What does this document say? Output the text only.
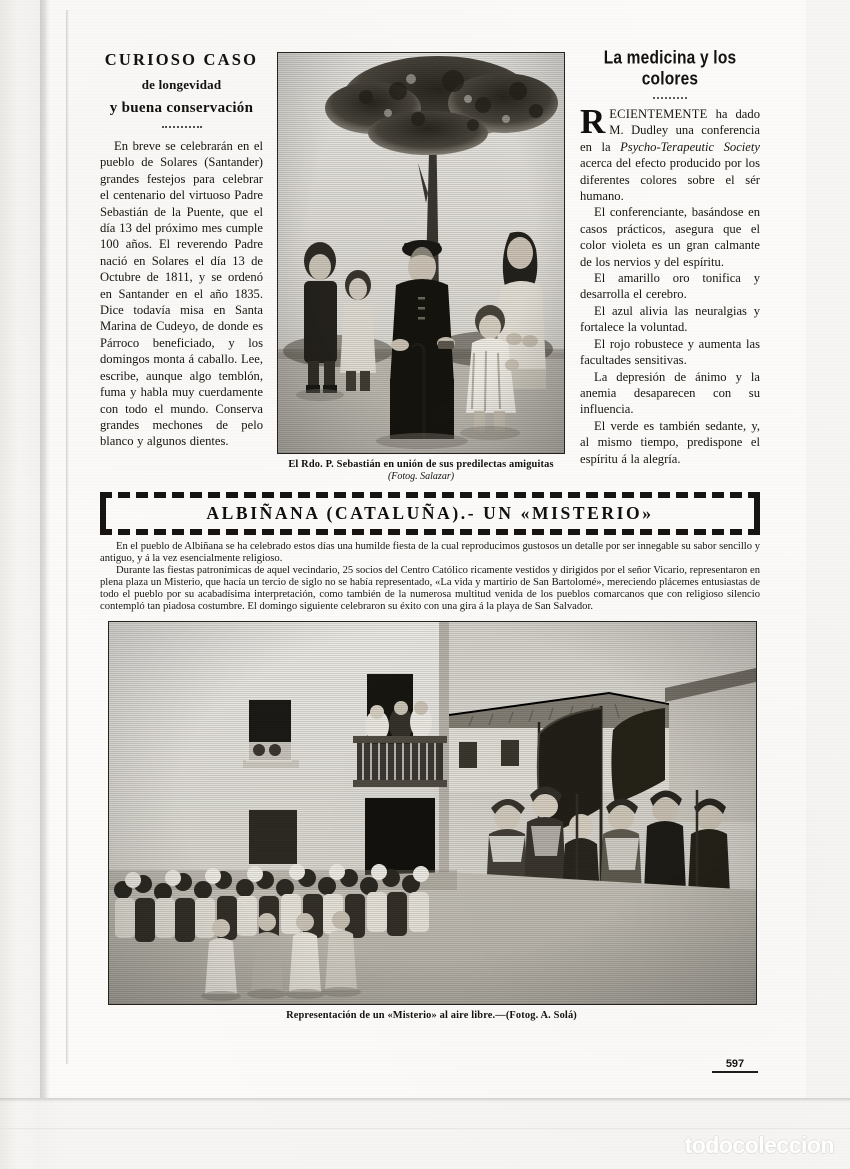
CURIOSO CASO
de longevidad
y buena conservación

En breve se celebrarán en el pueblo de Solares (Santander) grandes festejos para celebrar el centenario del virtuoso Padre Sebastián de la Puente, que el día 13 del próximo mes cumple 100 años. El reverendo Padre nació en Solares el día 13 de Octubre de 1811, y se ordenó en Santander en el año 1835. Dice todavía misa en Santa Marina de Cudeyo, de donde es Párroco beneficiado, y los domingos monta á caballo. Lee, escribe, aunque algo temblón, fuma y habla muy cuerdamente con todo el mundo. Conserva grandes mechones de pelo blanco y algunos dientes.

El Rdo. P. Sebastián en unión de sus predilectas amiguitas
(Fotog. Salazar)
La medicina y los colores

RECIENTEMENTE ha dado M. Dudley una conferencia en la Psycho-Terapeutic Society acerca del efecto producido por los diferentes colores sobre el sér humano.

El conferenciante, basándose en casos prácticos, asegura que el color violeta es un gran calmante de los nervios y del espíritu.

El amarillo oro tonifica y desarrolla el cerebro.

El azul alivia las neuralgias y fortalece la voluntad.

El rojo robustece y aumenta las facultades sensitivas.

La depresión de ánimo y la anemia desaparecen con su influencia.

El verde es también sedante, y, al mismo tiempo, predispone el espíritu á la alegría.

ALBIÑANA (CATALUÑA).- UN «MISTERIO»

En el pueblo de Albiñana se ha celebrado estos días una humilde fiesta de la cual reproducimos gustosos un detalle por ser innegable su sabor sencillo y antiguo, y á la vez esencialmente religioso.

Durante las fiestas patronímicas de aquel vecindario, 25 socios del Centro Católico ricamente vestidos y dirigidos por el señor Vicario, representaron en plena plaza un Misterio, que hacía un tercio de siglo no se había representado, «La vida y martirio de San Bartolomé», mereciendo plácemes entusiastas de todo el pueblo por su acabadísima interpretación, como también de la numerosa multitud venida de los pueblos comarcanos que con religioso silencio contempló tan piadosa costumbre. El domingo siguiente celebraron su éxito con una gira á la playa de San Salvador.

Representación de un «Misterio» al aire libre.—(Fotog. A. Solá)
597
todocoleccion
